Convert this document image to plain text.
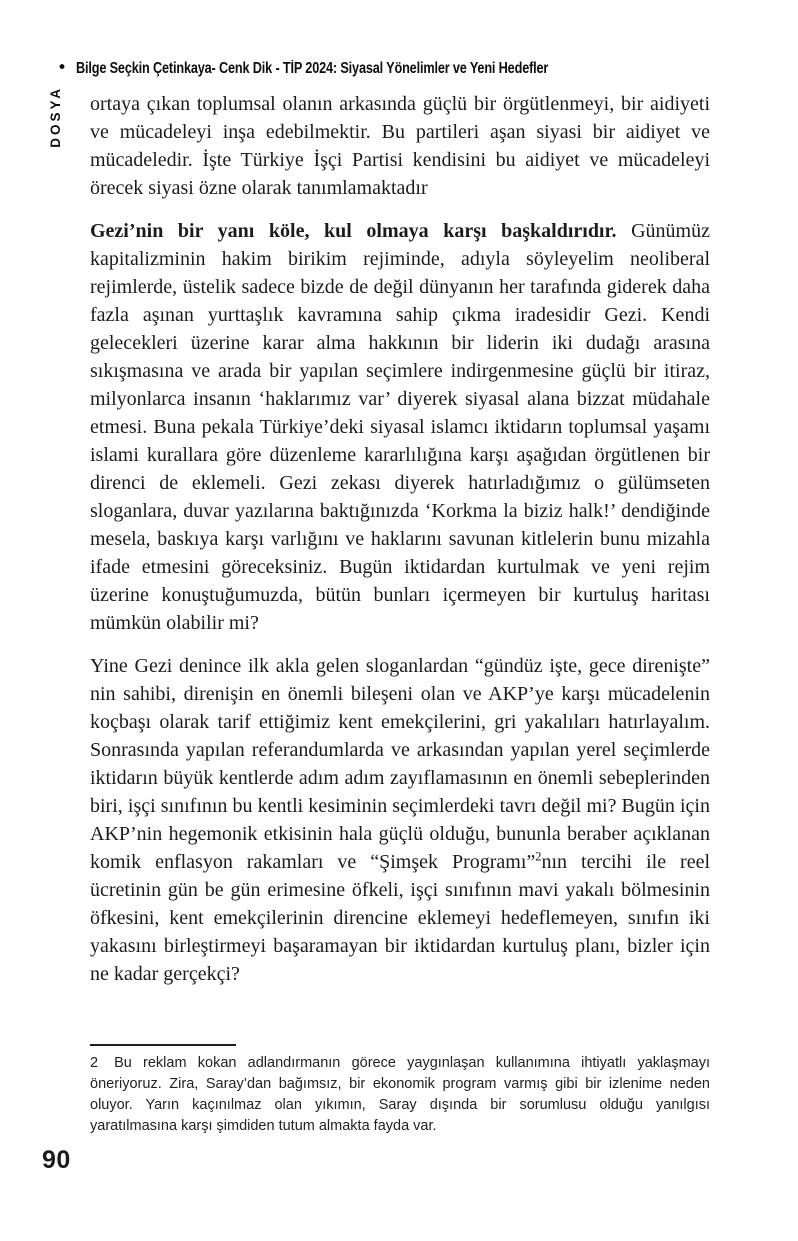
• Bilge Seçkin Çetinkaya- Cenk Dik - TİP 2024: Siyasal Yönelimler ve Yeni Hedefler
DOSYA ortaya çıkan toplumsal olanın arkasında güçlü bir örgütlenmeyi, bir aidiyeti ve mücadeleyi inşa edebilmektir. Bu partileri aşan siyasi bir aidiyet ve mücadeledir. İşte Türkiye İşçi Partisi kendisini bu aidiyet ve mücadeleyi örecek siyasi özne olarak tanımlamaktadır

Gezi’nin bir yanı köle, kul olmaya karşı başkaldırıdır. Günümüz kapitalizminin hakim birikim rejiminde, adıyla söyleyelim neoliberal rejimlerde, üstelik sadece bizde de değil dünyanın her tarafında giderek daha fazla aşınan yurttaşlık kavramına sahip çıkma iradesidir Gezi. Kendi gelecekleri üzerine karar alma hakkının bir liderin iki dudağı arasına sıkışmasına ve arada bir yapılan seçimlere indirgenmesine güçlü bir itiraz, milyonlarca insanın ‘haklarımız var’ diyerek siyasal alana bizzat müdahale etmesi. Buna pekala Türkiye’deki siyasal islamcı iktidarın toplumsal yaşamı islami kurallara göre düzenleme kararlılığına karşı aşağıdan örgütlenen bir direnci de eklemeli. Gezi zekası diyerek hatırladığımız o gülümseten sloganlara, duvar yazılarına baktığınızda ‘Korkma la biziz halk!’ dendiğinde mesela, baskıya karşı varlığını ve haklarını savunan kitlelerin bunu mizahla ifade etmesini göreceksiniz. Bugün iktidardan kurtulmak ve yeni rejim üzerine konuştuğumuzda, bütün bunları içermeyen bir kurtuluş haritası mümkün olabilir mi?

Yine Gezi denince ilk akla gelen sloganlardan “gündüz işte, gece direnişte” nin sahibi, direnişin en önemli bileşeni olan ve AKP’ye karşı mücadelenin koçbaşı olarak tarif ettiğimiz kent emekçilerini, gri yakalıları hatırlayalım. Sonrasında yapılan referandumlarda ve arkasından yapılan yerel seçimlerde iktidarın büyük kentlerde adım adım zayıflamasının en önemli sebeplerinden biri, işçi sınıfının bu kentli kesiminin seçimlerdeki tavrı değil mi? Bugün için AKP’nin hegemonik etkisinin hala güçlü olduğu, bununla beraber açıklanan komik enflasyon rakamları ve “Şimşek Programı”$^2$nın tercihi ile reel ücretinin gün be gün erimesine öfkeli, işçi sınıfının mavi yakalı bölmesinin öfkesini, kent emekçilerinin direncine eklemeyi hedeflemeyen, sınıfın iki yakasını birleştirmeyi başaramayan bir iktidardan kurtuluş planı, bizler için ne kadar gerçekçi?

2 Bu reklam kokan adlandırmanın görece yaygınlaşan kullanımına ihtiyatlı yaklaşmayı öneriyoruz. Zira, Saray’dan bağımsız, bir ekonomik program varmış gibi bir izlenime neden oluyor. Yarın kaçınılmaz olan yıkımın, Saray dışında bir sorumlusu olduğu yanılgısı yaratılmasına karşı şimdiden tutum almakta fayda var.

90
